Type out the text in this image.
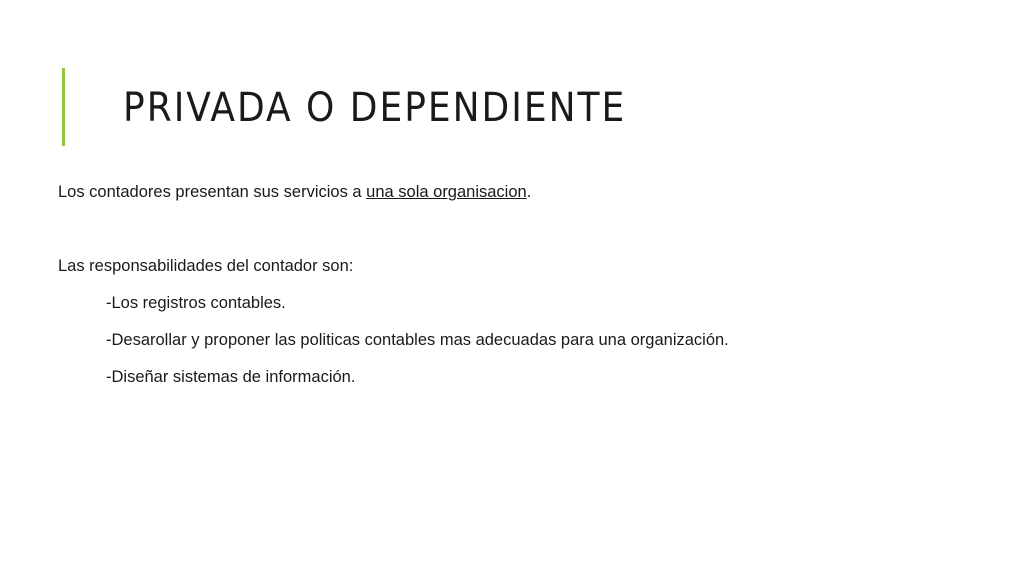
PRIVADA O DEPENDIENTE
Los contadores presentan sus servicios a una sola organisacion.
Las responsabilidades del contador son:
-Los registros contables.
-Desarollar y proponer las politicas contables mas adecuadas para una organización.
-Diseñar sistemas de información.
